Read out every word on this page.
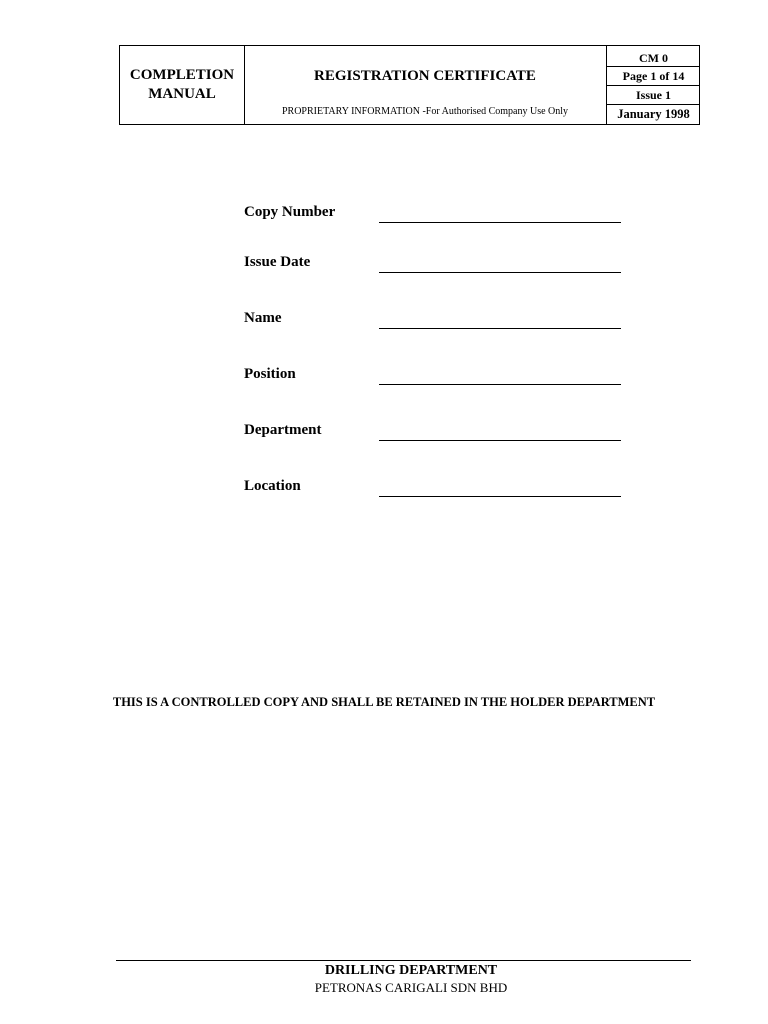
COMPLETION
MANUAL
REGISTRATION CERTIFICATE
PROPRIETARY INFORMATION -For Authorised Company Use Only
CM 0
Page 1 of 14
Issue 1
January 1998
Copy Number
Issue Date
Name
Position
Department
Location
THIS IS A CONTROLLED COPY AND SHALL BE RETAINED IN THE HOLDER DEPARTMENT
DRILLING DEPARTMENT
PETRONAS CARIGALI SDN BHD
